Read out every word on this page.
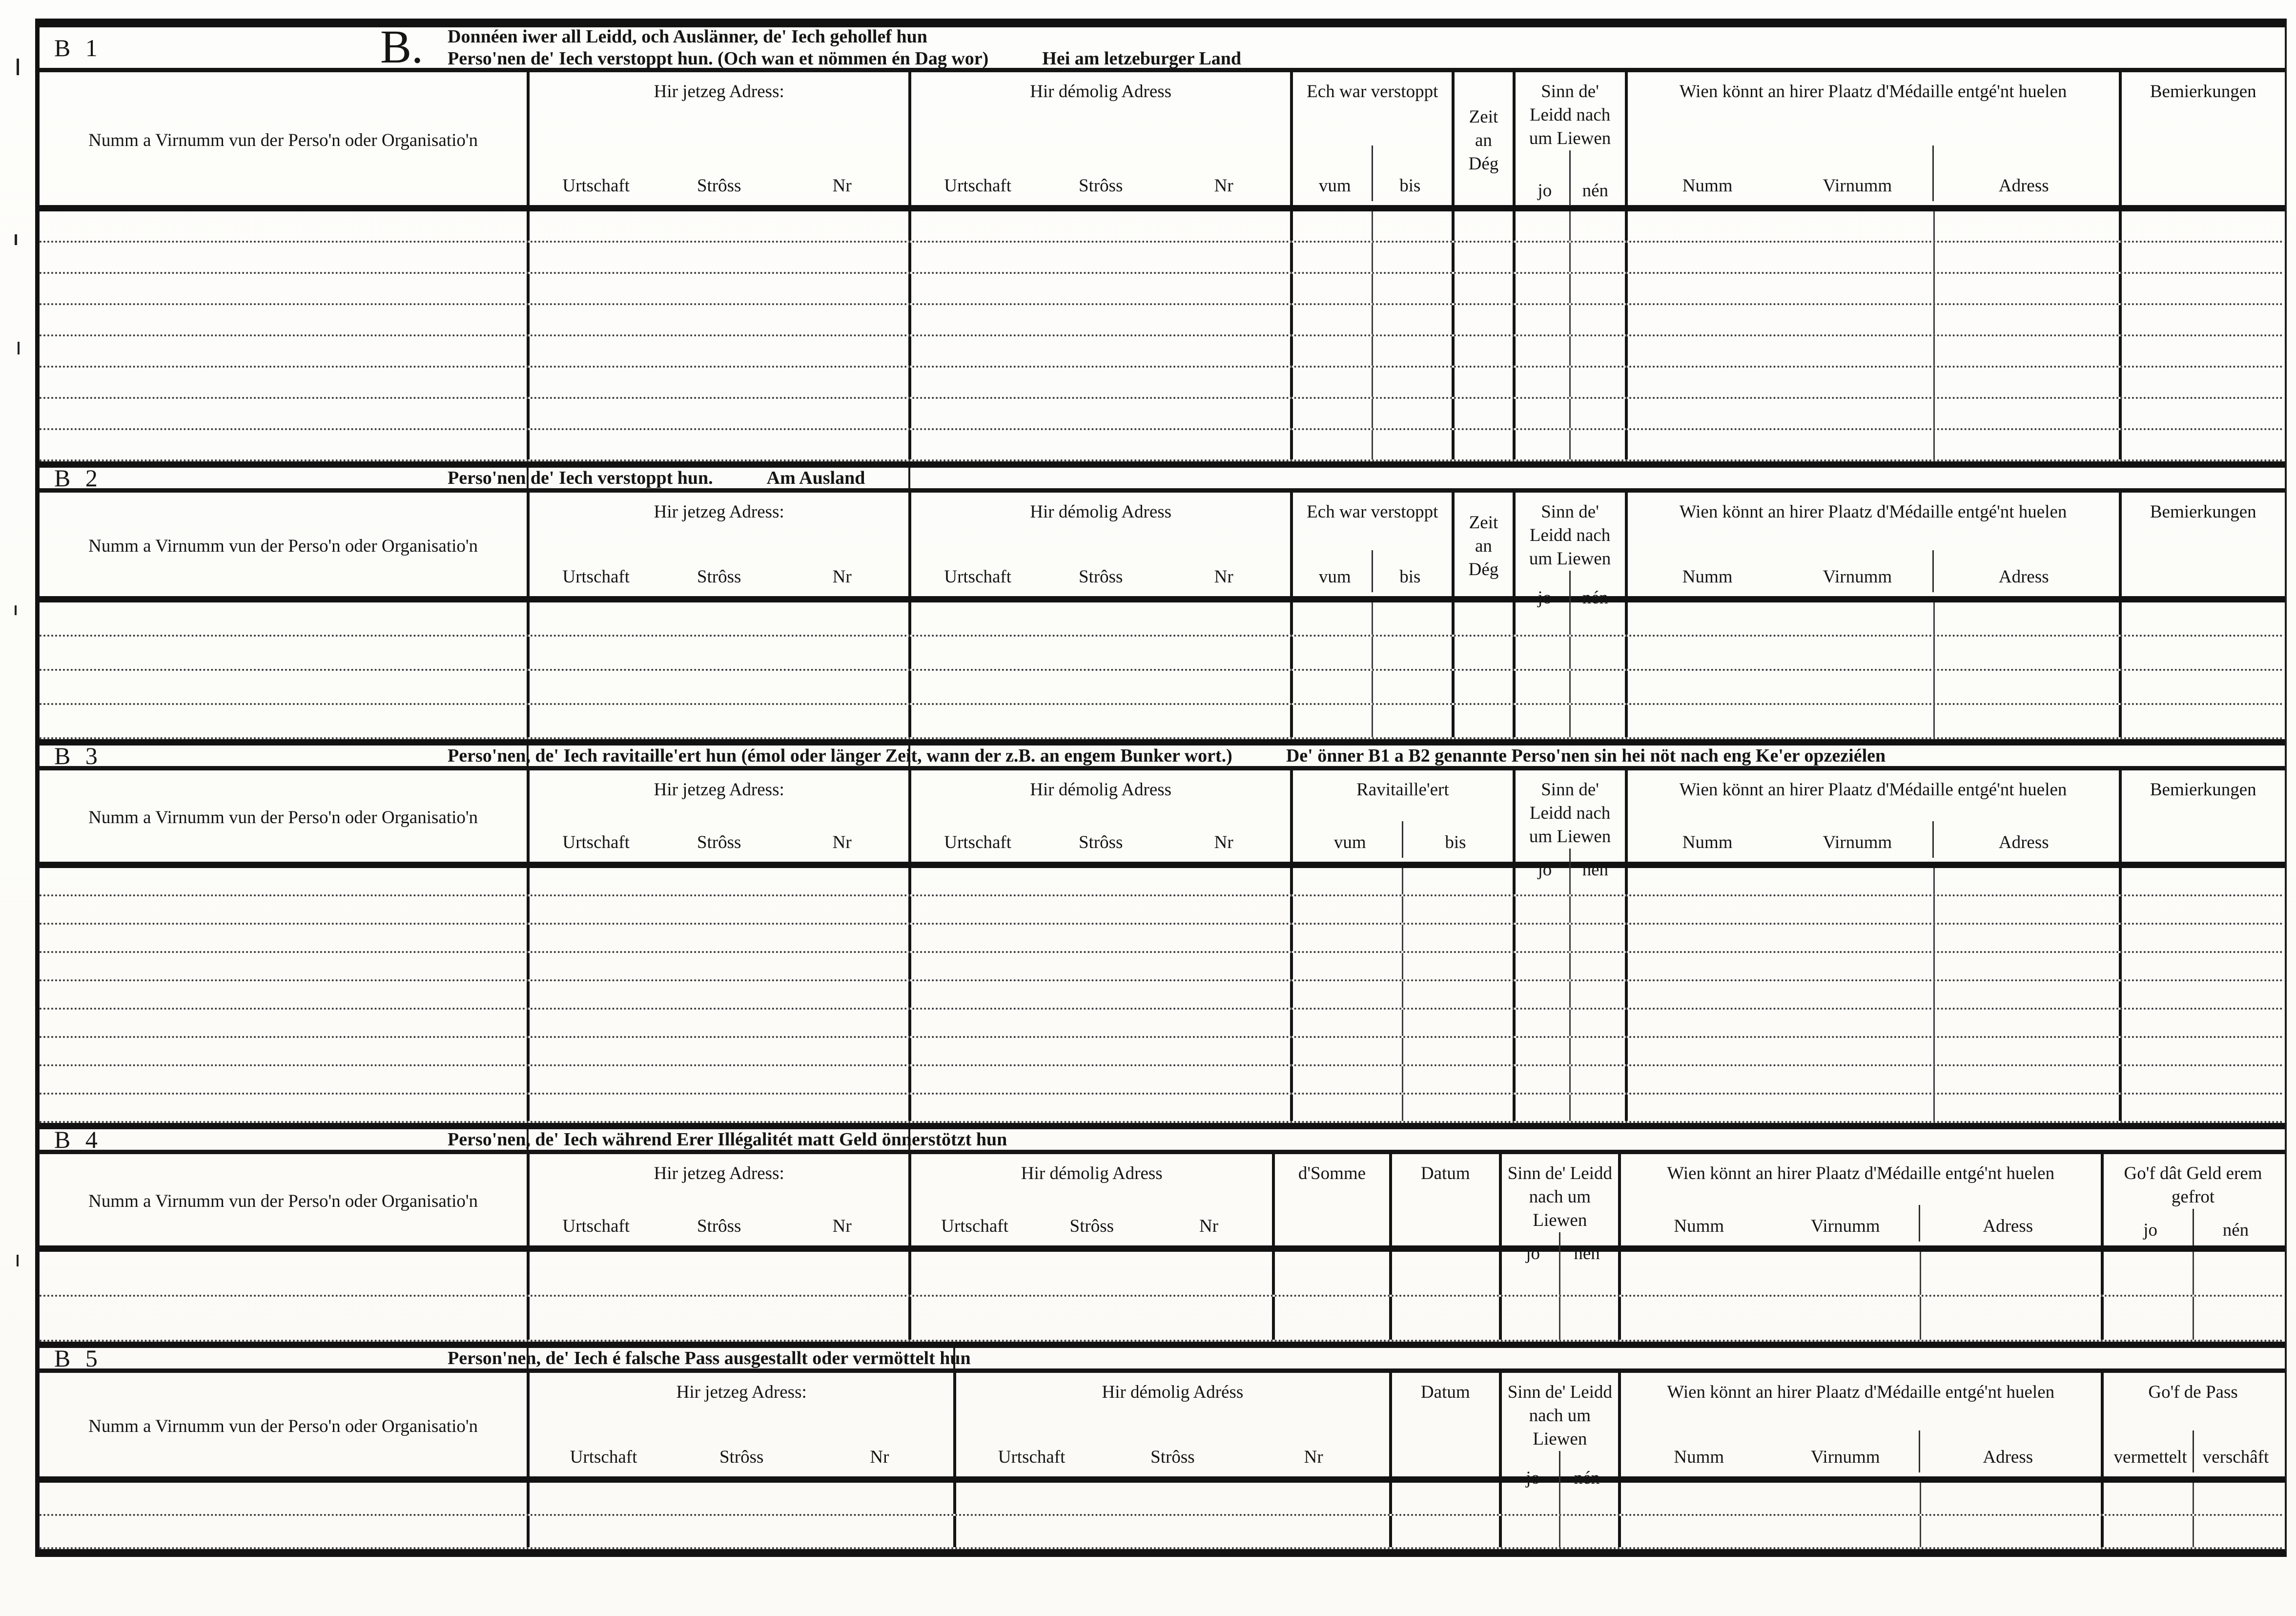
B 1	B. Donnéen iwer all Leidd, och Auslänner, de' Iech gehollef hun
Perso'nen de' Iech verstoppt hun. (Och wan et nömmen én Dag wor)	Hei am letzeburger Land
Numm a Virnumm vun der Perso'n oder Organisatio'n
Hir jetzeg Adress:
Urtschaft	Strôss	Nr
Hir démolig Adress
Urtschaft	Strôss	Nr
Ech war verstoppt
vum	bis
Zeit an Dég
Sinn de' Leidd nach um Liewen
jo	nén
Wien könnt an hirer Plaatz d'Médaille entgé'nt huelen
Numm	Virnumm	Adress
Bemierkungen
B 2	Perso'nen de' Iech verstoppt hun.	Am Ausland
Numm a Virnumm vun der Perso'n oder Organisatio'n
Hir jetzeg Adress:
Urtschaft	Strôss	Nr
Hir démolig Adress
Urtschaft	Strôss	Nr
Ech war verstoppt
vum	bis
Zeit an Dég
Sinn de' Leidd nach um Liewen
jo	nén
Wien könnt an hirer Plaatz d'Médaille entgé'nt huelen
Numm	Virnumm	Adress
Bemierkungen
B 3	Perso'nen, de' Iech ravitaille'ert hun (émol oder länger Zeit, wann der z.B. an engem Bunker wort.)	De' önner B1 a B2 genannte Perso'nen sin hei nöt nach eng Ke'er opzeziélen
Numm a Virnumm vun der Perso'n oder Organisatio'n
Hir jetzeg Adress:
Urtschaft	Strôss	Nr
Hir démolig Adress
Urtschaft	Strôss	Nr
Ravitaille'ert
vum	bis
Sinn de' Leidd nach um Liewen
jo	nén
Wien könnt an hirer Plaatz d'Médaille entgé'nt huelen
Numm	Virnumm	Adress
Bemierkungen
B 4	Perso'nen, de' Iech während Erer Illégalitét matt Geld önnerstötzt hun
Numm a Virnumm vun der Perso'n oder Organisatio'n
Hir jetzeg Adress:
Urtschaft	Strôss	Nr
Hir démolig Adress
Urtschaft	Strôss	Nr
d'Somme	Datum	Sinn de' Leidd nach um Liewen
jo	nén
Wien könnt an hirer Plaatz d'Médaille entgé'nt huelen
Numm	Virnumm	Adress
Go'f dât Geld erem gefrot
jo	nén
B 5	Person'nen, de' Iech é falsche Pass ausgestallt oder vermöttelt hun
Numm a Virnumm vun der Perso'n oder Organisatio'n
Hir jetzeg Adress:
Urtschaft	Strôss	Nr
Hir démolig Adréss
Urtschaft	Strôss	Nr
Datum	Sinn de' Leidd nach um Liewen
jo	nén
Wien könnt an hirer Plaatz d'Médaille entgé'nt huelen
Numm	Virnumm	Adress
Go'f de Pass
vermettelt verschâft
